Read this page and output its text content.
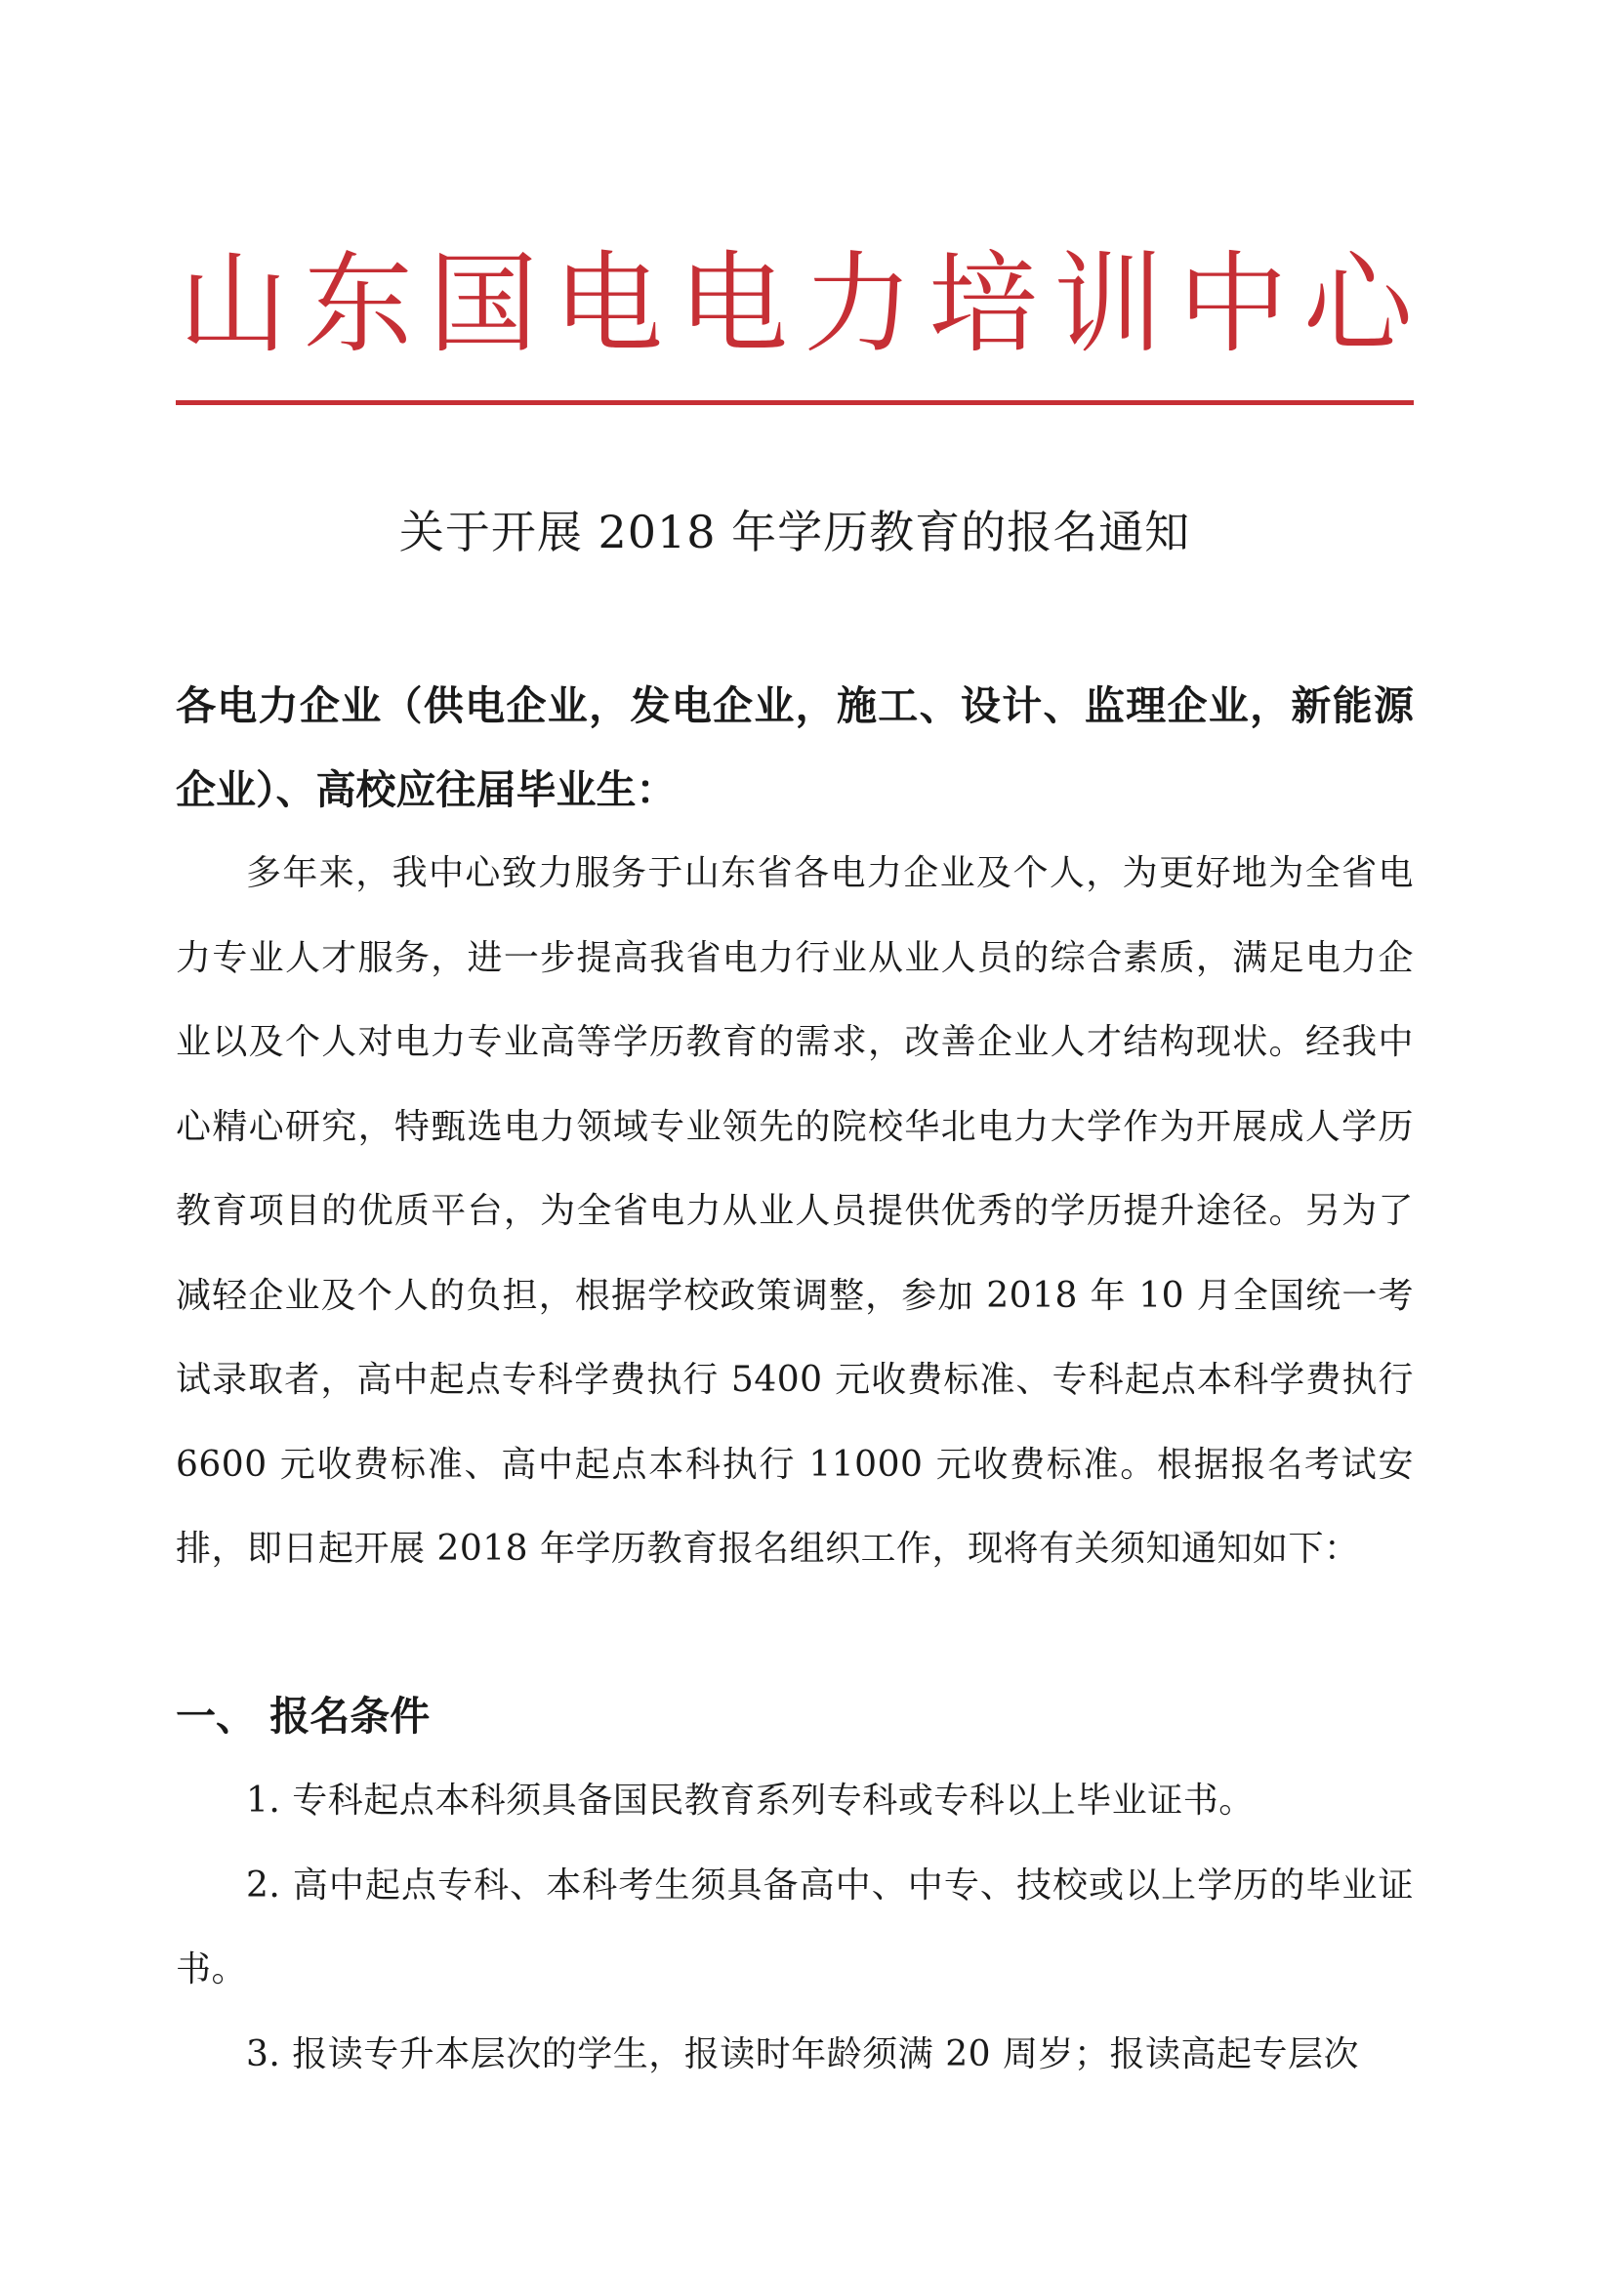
山 东 国 电 电 力 培 训 中 心
关于开展 2018 年学历教育的报名通知
各电力企业（供电企业，发电企业，施工、设计、监理企业，新能源企业）、高校应往届毕业生：
多年来，我中心致力服务于山东省各电力企业及个人，为更好地为全省电力专业人才服务，进一步提高我省电力行业从业人员的综合素质，满足电力企业以及个人对电力专业高等学历教育的需求，改善企业人才结构现状。经我中心精心研究，特甄选电力领域专业领先的院校华北电力大学作为开展成人学历教育项目的优质平台，为全省电力从业人员提供优秀的学历提升途径。另为了减轻企业及个人的负担，根据学校政策调整，参加 2018 年 10 月全国统一考试录取者，高中起点专科学费执行 5400 元收费标准、专科起点本科学费执行 6600 元收费标准、高中起点本科执行 11000 元收费标准。根据报名考试安排，即日起开展 2018 年学历教育报名组织工作，现将有关须知通知如下：
一、 报名条件

1. 专科起点本科须具备国民教育系列专科或专科以上毕业证书。

2. 高中起点专科、本科考生须具备高中、中专、技校或以上学历的毕业证书。

3. 报读专升本层次的学生，报读时年龄须满 20 周岁；报读高起专层次
